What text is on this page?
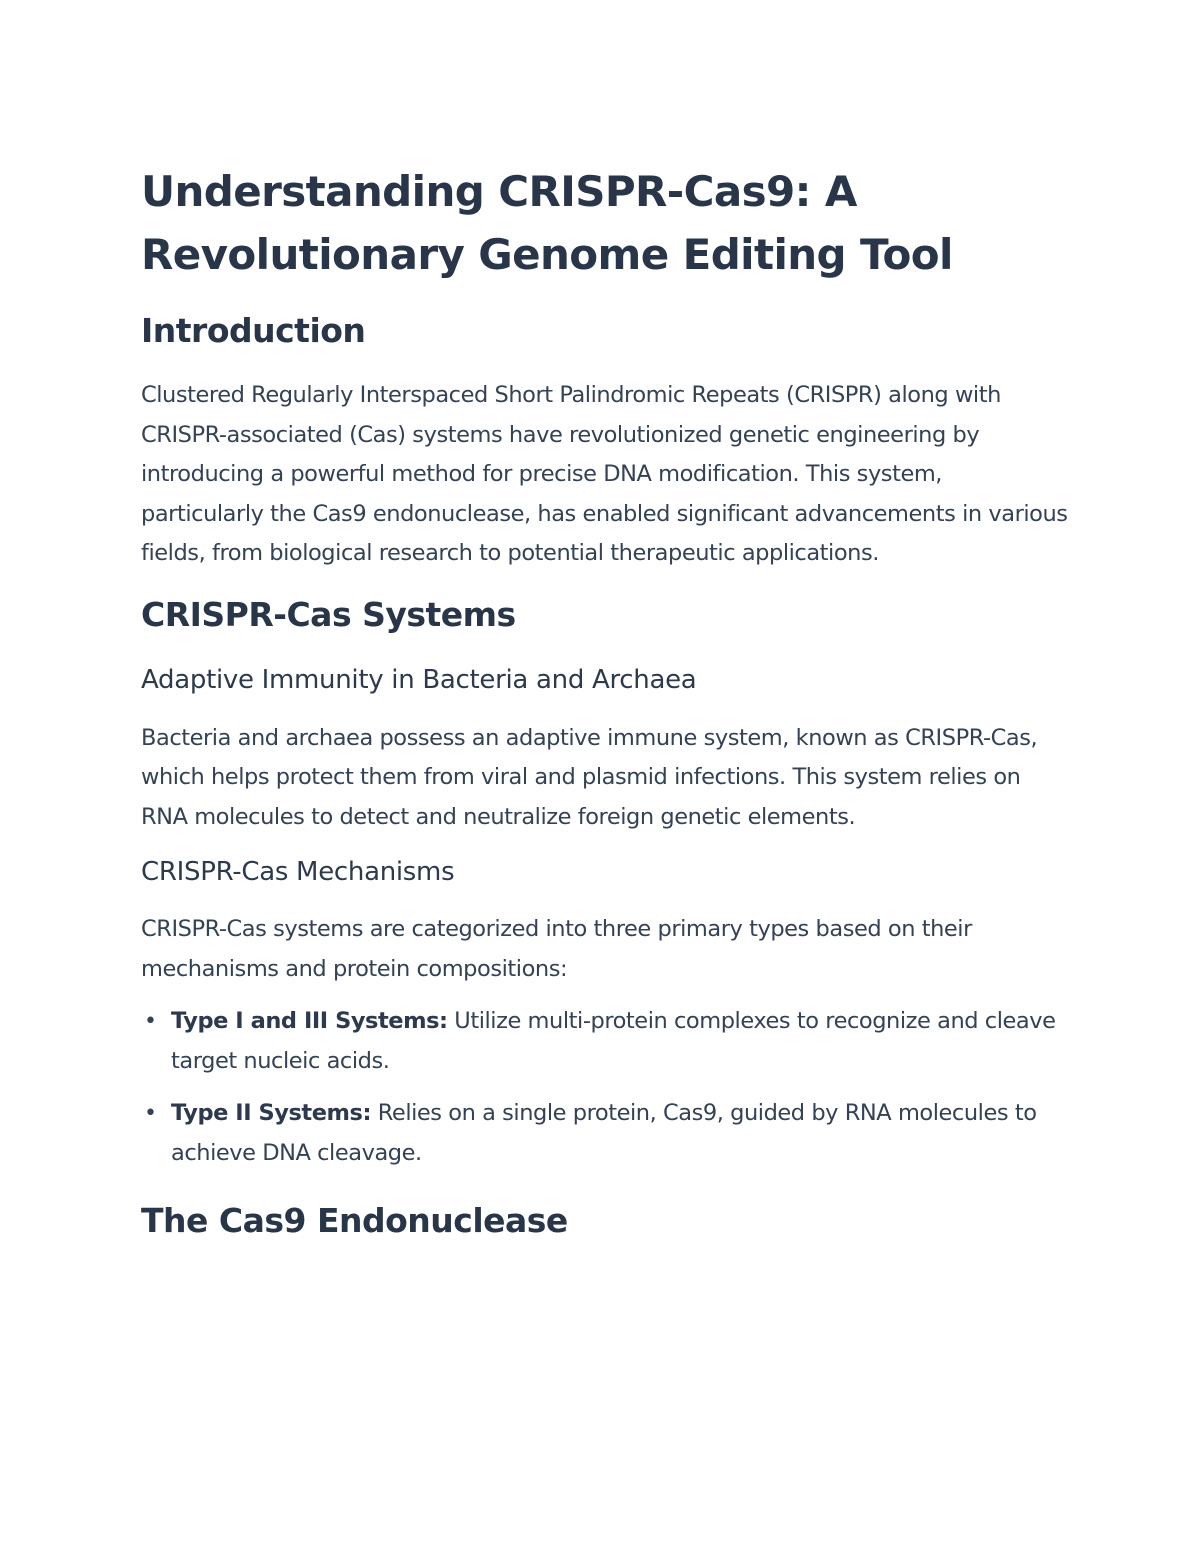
Understanding CRISPR-Cas9: A Revolutionary Genome Editing Tool
Introduction

Clustered Regularly Interspaced Short Palindromic Repeats (CRISPR) along with CRISPR-associated (Cas) systems have revolutionized genetic engineering by introducing a powerful method for precise DNA modification. This system, particularly the Cas9 endonuclease, has enabled significant advancements in various fields, from biological research to potential therapeutic applications.

CRISPR-Cas Systems
Adaptive Immunity in Bacteria and Archaea

Bacteria and archaea possess an adaptive immune system, known as CRISPR-Cas, which helps protect them from viral and plasmid infections. This system relies on RNA molecules to detect and neutralize foreign genetic elements.

CRISPR-Cas Mechanisms

CRISPR-Cas systems are categorized into three primary types based on their mechanisms and protein compositions:

• Type I and III Systems: Utilize multi-protein complexes to recognize and cleave target nucleic acids.
• Type II Systems: Relies on a single protein, Cas9, guided by RNA molecules to achieve DNA cleavage.
The Cas9 Endonuclease
